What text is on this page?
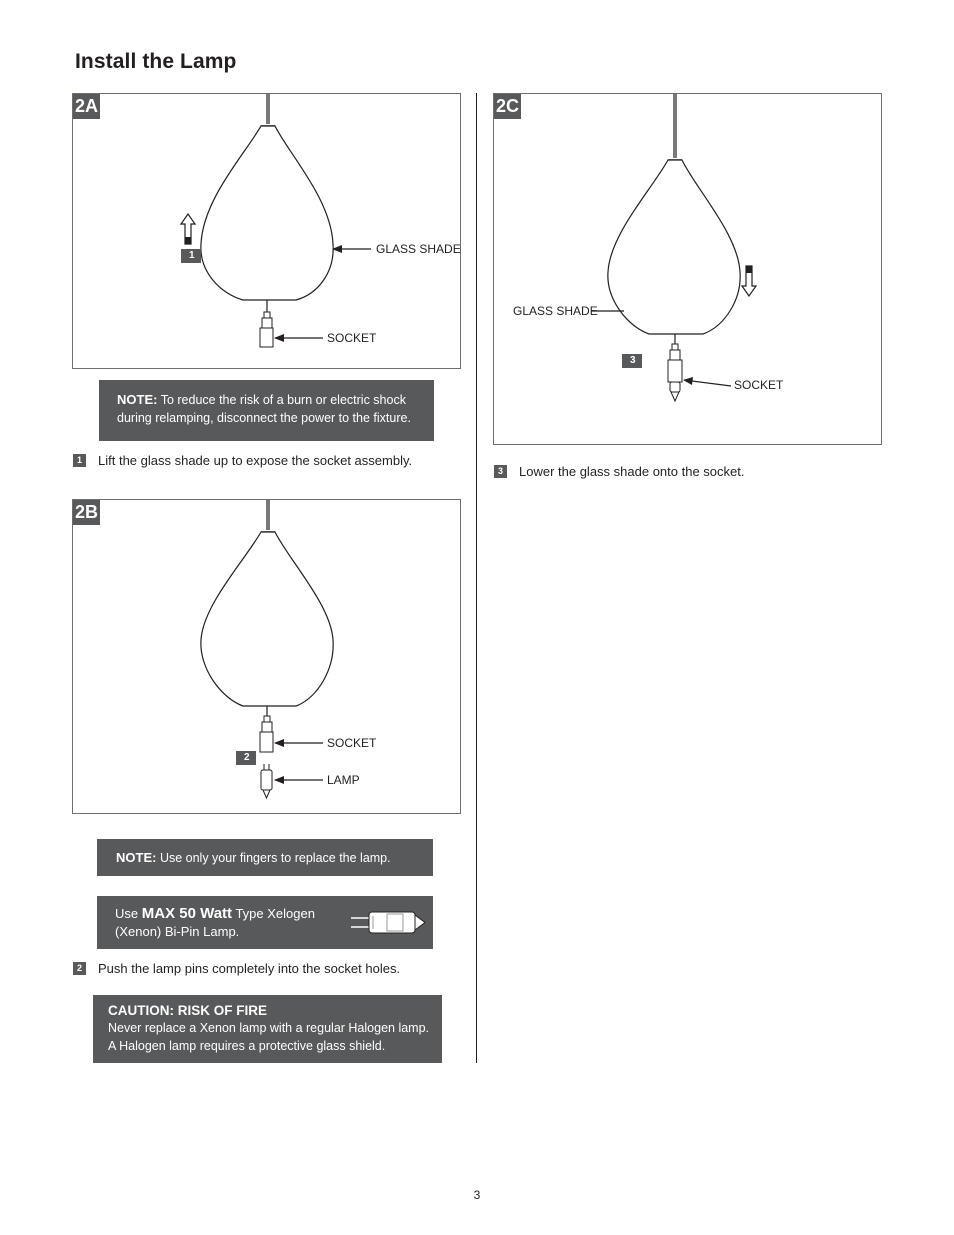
Install the Lamp
2A
1	GLASS SHADE
SOCKET
NOTE: To reduce the risk of a burn or electric shock
during relamping, disconnect the power to the fixture.
1 Lift the glass shade up to expose the socket assembly.
2B
2
SOCKET
LAMP
NOTE: Use only your fingers to replace the lamp.
Use MAX 50 Watt Type Xelogen
(Xenon) Bi-Pin Lamp.
2 Push the lamp pins completely into the socket holes.
CAUTION: RISK OF FIRE
Never replace a Xenon lamp with a regular Halogen lamp.
A Halogen lamp requires a protective glass shield.
2C
3
GLASS SHADE
SOCKET
3 Lower the glass shade onto the socket.
3
